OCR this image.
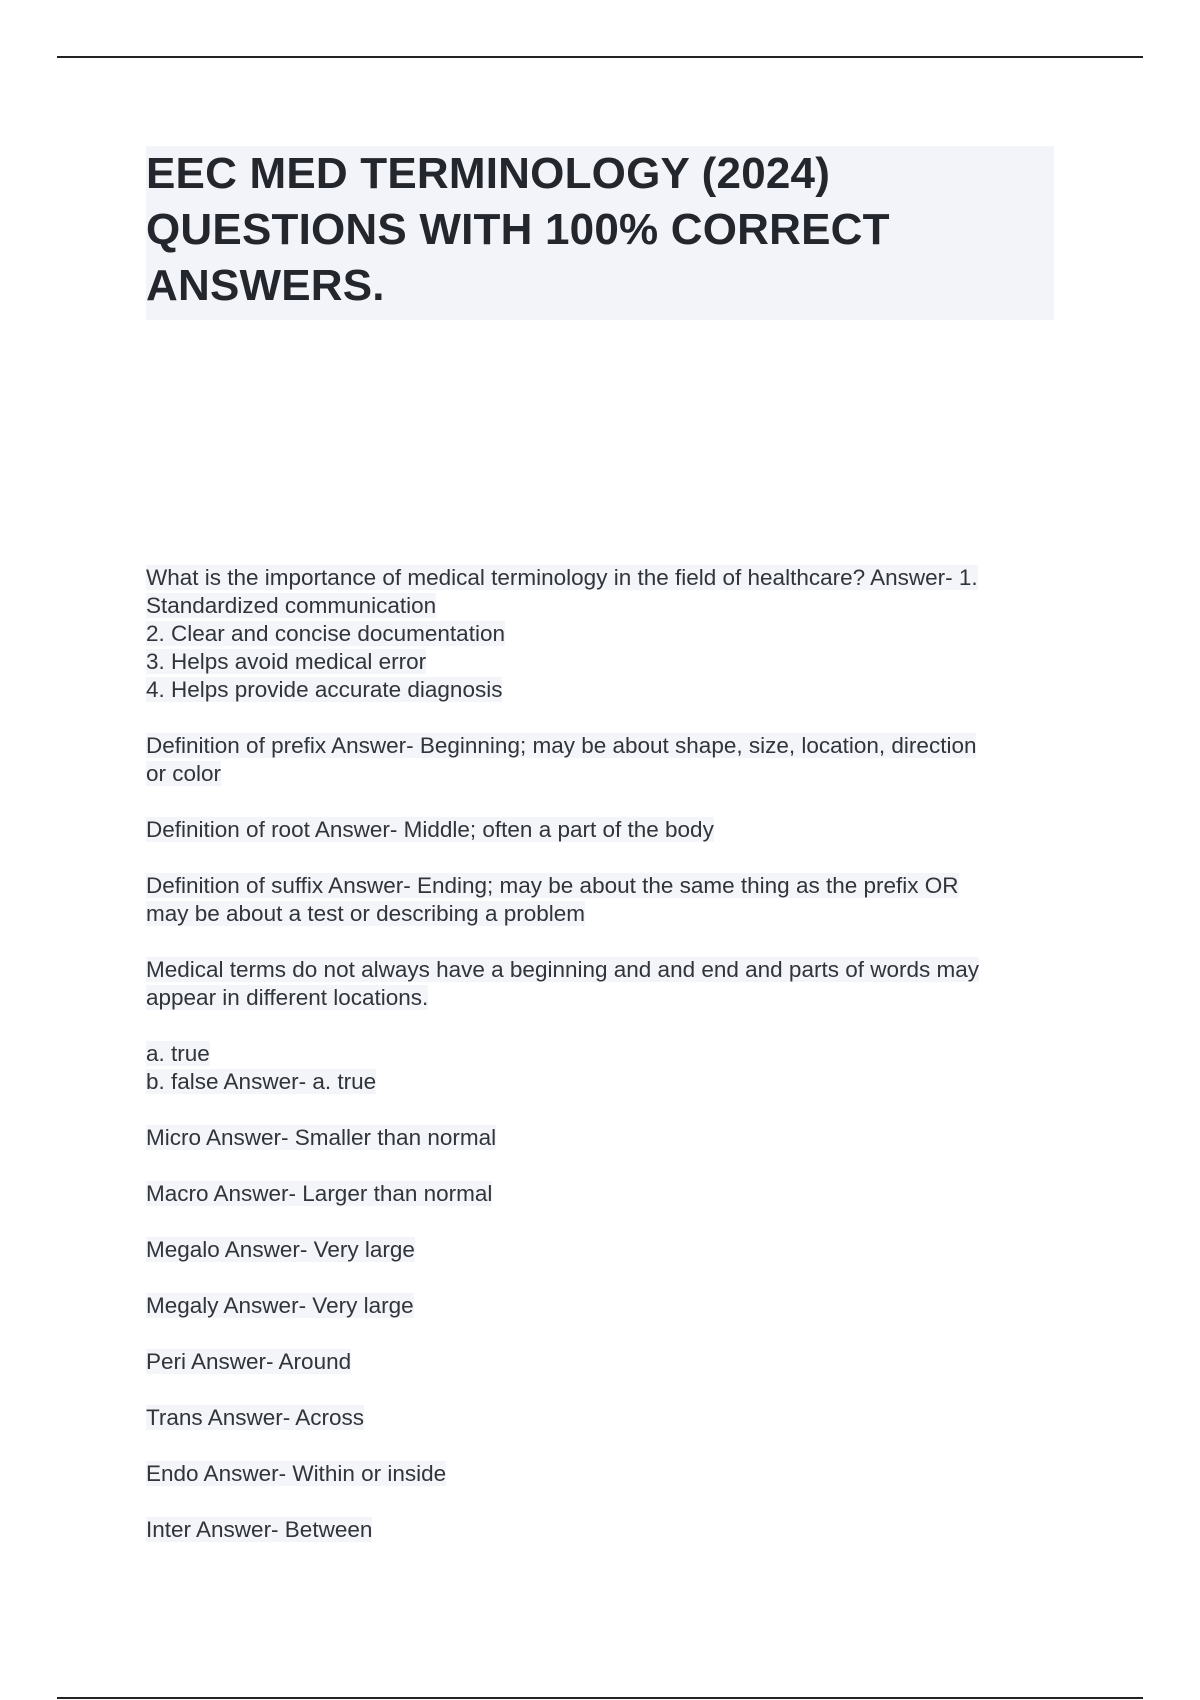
EEC MED TERMINOLOGY (2024)
QUESTIONS WITH 100% CORRECT
ANSWERS.
What is the importance of medical terminology in the field of healthcare? Answer- 1.
Standardized communication
2. Clear and concise documentation
3. Helps avoid medical error
4. Helps provide accurate diagnosis
Definition of prefix Answer- Beginning; may be about shape, size, location, direction
or color
Definition of root Answer- Middle; often a part of the body
Definition of suffix Answer- Ending; may be about the same thing as the prefix OR
may be about a test or describing a problem
Medical terms do not always have a beginning and and end and parts of words may
appear in different locations.
a. true
b. false Answer- a. true
Micro Answer- Smaller than normal
Macro Answer- Larger than normal
Megalo Answer- Very large
Megaly Answer- Very large
Peri Answer- Around
Trans Answer- Across
Endo Answer- Within or inside
Inter Answer- Between
